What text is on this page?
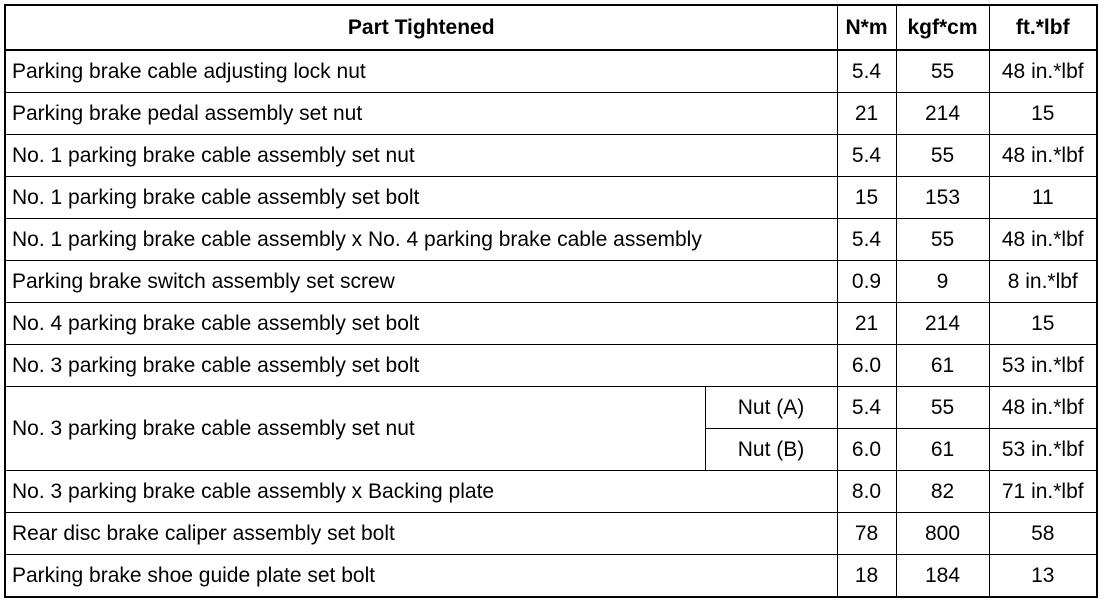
Part Tightened		N*m	kgf*cm	ft.*lbf
Parking brake cable adjusting lock nut		5.4	55	48 in.*lbf
Parking brake pedal assembly set nut		21	214	15
No. 1 parking brake cable assembly set nut		5.4	55	48 in.*lbf
No. 1 parking brake cable assembly set bolt		15	153	11
No. 1 parking brake cable assembly x No. 4 parking brake cable assembly		5.4	55	48 in.*lbf
Parking brake switch assembly set screw		0.9	9	8 in.*lbf
No. 4 parking brake cable assembly set bolt		21	214	15
No. 3 parking brake cable assembly set bolt		6.0	61	53 in.*lbf
No. 3 parking brake cable assembly set nut	Nut (A)	5.4	55	48 in.*lbf
	Nut (B)	6.0	61	53 in.*lbf
No. 3 parking brake cable assembly x Backing plate		8.0	82	71 in.*lbf
Rear disc brake caliper assembly set bolt		78	800	58
Parking brake shoe guide plate set bolt		18	184	13
